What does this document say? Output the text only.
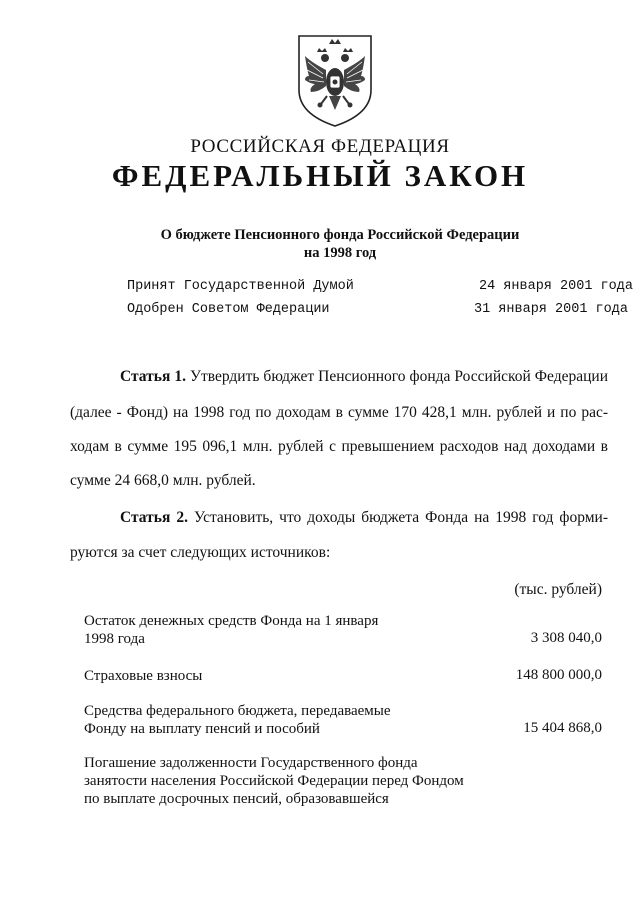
РОССИЙСКАЯ ФЕДЕРАЦИЯ
ФЕДЕРАЛЬНЫЙ ЗАКОН
О бюджете Пенсионного фонда Российской Федерации
на 1998 год
Принят Государственной Думой	24 января 2001 года
Одобрен Советом Федерации	31 января 2001 года
Статья 1. Утвердить бюджет Пенсионного фонда Российской Федерации
(далее - Фонд) на 1998 год по доходам в сумме 170 428,1 млн. рублей и по рас-
ходам в сумме 195 096,1 млн. рублей с превышением расходов над доходами в
сумме 24 668,0 млн. рублей.
Статья 2. Установить, что доходы бюджета Фонда на 1998 год форми-
руются за счет следующих источников:
(тыс. рублей)
Остаток денежных средств Фонда на 1 января 1998 года	3 308 040,0
Страховые взносы	148 800 000,0
Средства федерального бюджета, передаваемые Фонду на выплату пенсий и пособий	15 404 868,0
Погашение задолженности Государственного фонда занятости населения Российской Федерации перед Фондом по выплате досрочных пенсий, образовавшейся
